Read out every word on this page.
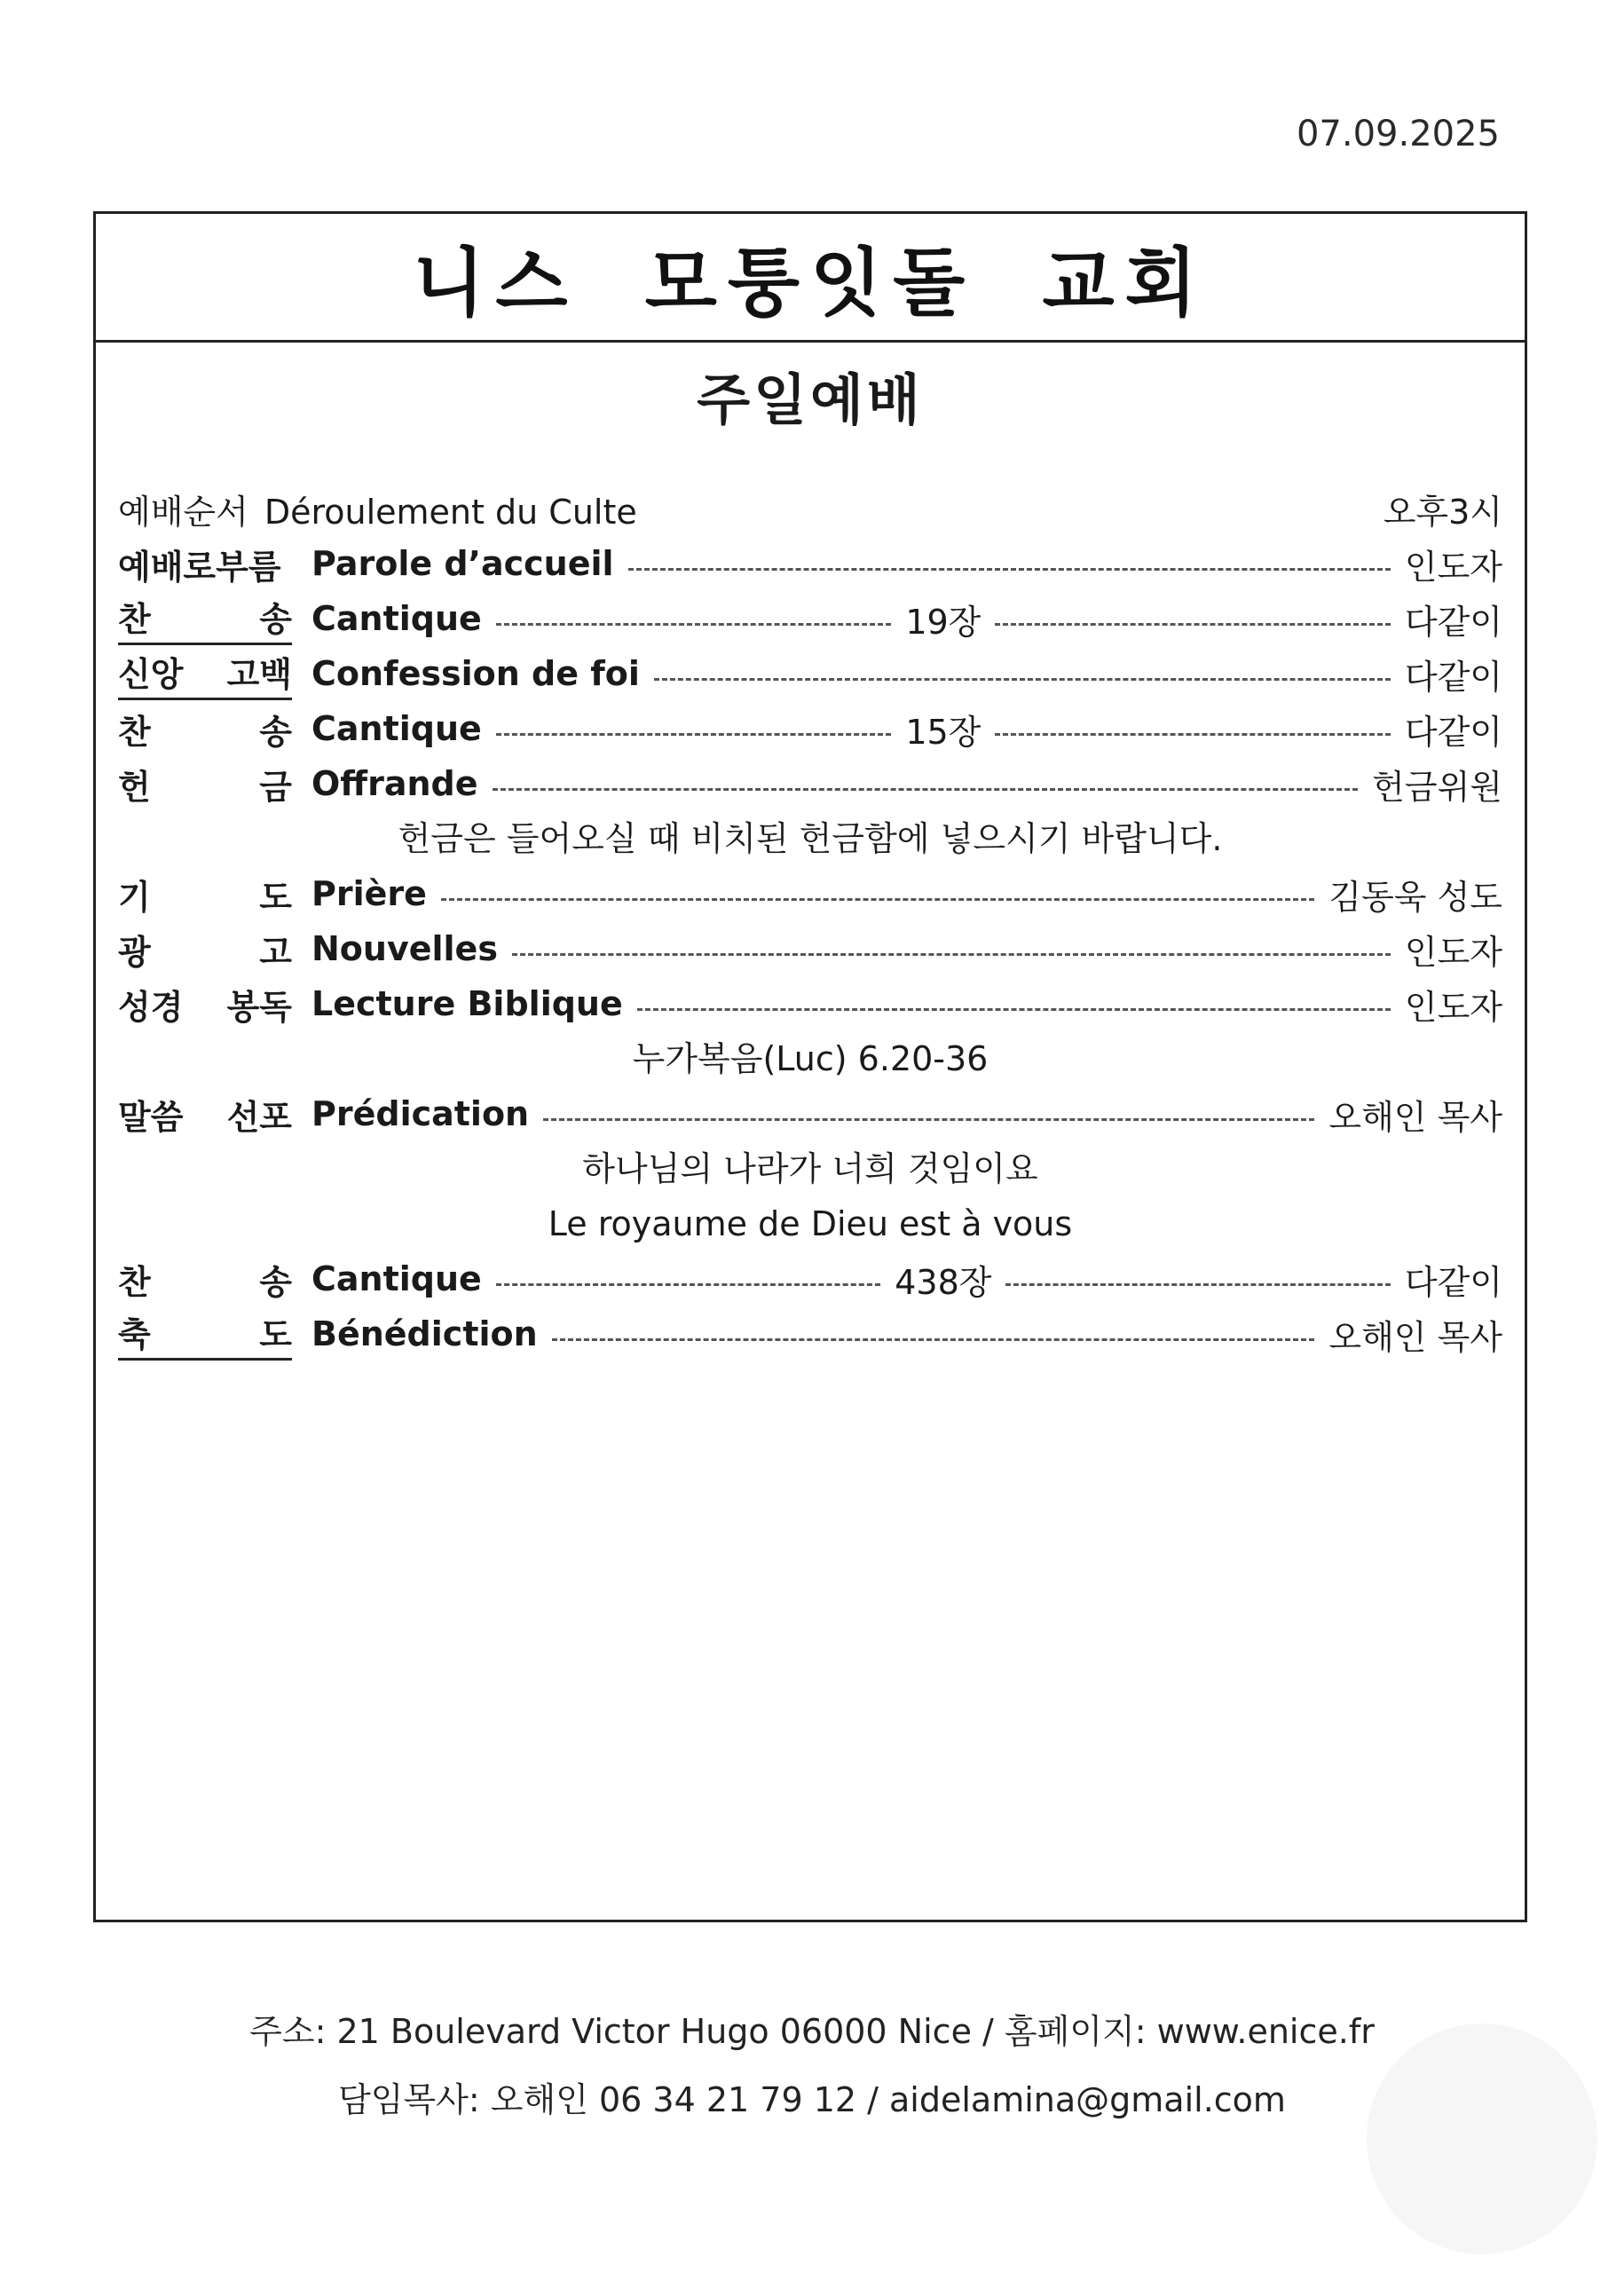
07.09.2025
니스 모퉁잇돌 교회
주일예배
예배순서 Déroulement du Culte	오후3시
예배로부름 Parole d’accueil	인도자
찬	송 Cantique	19장	다같이
신앙 고백 Confession de foi	다같이
찬	송 Cantique	15장	다같이
헌	금 Offrande	헌금위원
헌금은 들어오실 때 비치된 헌금함에 넣으시기 바랍니다.
기	도 Prière	김동욱 성도
광	고 Nouvelles	인도자
성경 봉독 Lecture Biblique	인도자
누가복음(Luc) 6.20-36
말씀 선포 Prédication	오해인 목사
하나님의 나라가 너희 것임이요
Le royaume de Dieu est à vous
찬	송 Cantique	438장	다같이
축	도 Bénédiction	오해인 목사
주소: 21 Boulevard Victor Hugo 06000 Nice / 홈페이지: www.enice.fr
담임목사: 오해인 06 34 21 79 12 / aidelamina@gmail.com
